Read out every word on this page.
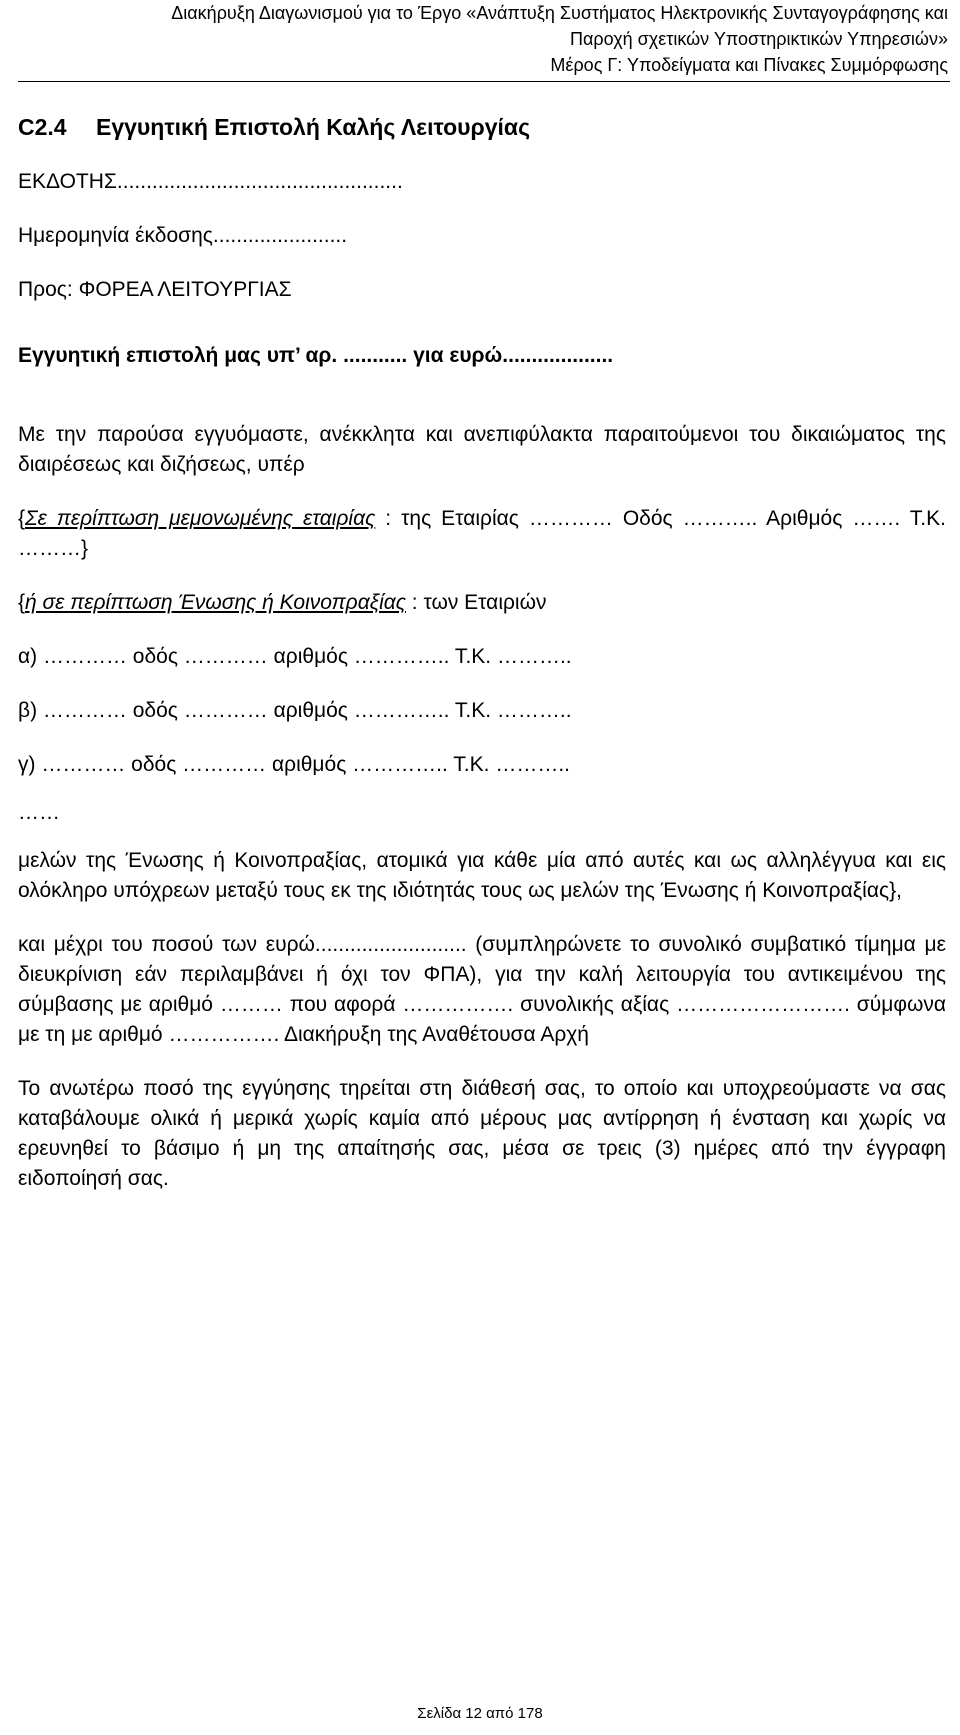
Διακήρυξη Διαγωνισμού για το Έργο «Ανάπτυξη Συστήματος Ηλεκτρονικής Συνταγογράφησης και
Παροχή σχετικών Υποστηρικτικών Υπηρεσιών»
Μέρος Γ: Υποδείγματα και Πίνακες Συμμόρφωσης
C2.4 Εγγυητική Επιστολή Καλής Λειτουργίας
ΕΚΔΟΤΗΣ.................................................
Ημερομηνία έκδοσης.......................
Προς: ΦΟΡΕΑ ΛΕΙΤΟΥΡΓΙΑΣ
Εγγυητική επιστολή μας υπ’ αρ. ........... για ευρώ...................
Με την παρούσα εγγυόμαστε, ανέκκλητα και ανεπιφύλακτα παραιτούμενοι του δικαιώματος της διαιρέσεως και διζήσεως, υπέρ
{Σε περίπτωση μεμονωμένης εταιρίας : της Εταιρίας ………… Οδός ……….. Αριθμός ……. Τ.Κ. ………}
{ή σε περίπτωση Ένωσης ή Κοινοπραξίας : των Εταιριών
α) ………… οδός ………… αριθμός ………….. Τ.Κ. ………..
β) ………… οδός ………… αριθμός ………….. Τ.Κ. ………..
γ) ………… οδός ………… αριθμός ………….. Τ.Κ. ………..
……
μελών της Ένωσης ή Κοινοπραξίας, ατομικά για κάθε μία από αυτές και ως αλληλέγγυα και εις ολόκληρο υπόχρεων μεταξύ τους εκ της ιδιότητάς τους ως μελών της Ένωσης ή Κοινοπραξίας},
και μέχρι του ποσού των ευρώ.......................... (συμπληρώνετε το συνολικό συμβατικό τίμημα με διευκρίνιση εάν περιλαμβάνει ή όχι τον ΦΠΑ), για την καλή λειτουργία του αντικειμένου της σύμβασης με αριθμό ……… που αφορά ……………. συνολικής αξίας ……………………. σύμφωνα με τη με αριθμό ……………. Διακήρυξη της Αναθέτουσα Αρχή
Το ανωτέρω ποσό της εγγύησης τηρείται στη διάθεσή σας, το οποίο και υποχρεούμαστε να σας καταβάλουμε ολικά ή μερικά χωρίς καμία από μέρους μας αντίρρηση ή ένσταση και χωρίς να ερευνηθεί το βάσιμο ή μη της απαίτησής σας, μέσα σε τρεις (3) ημέρες από την έγγραφη ειδοποίησή σας.
Σελίδα 12 από 178
